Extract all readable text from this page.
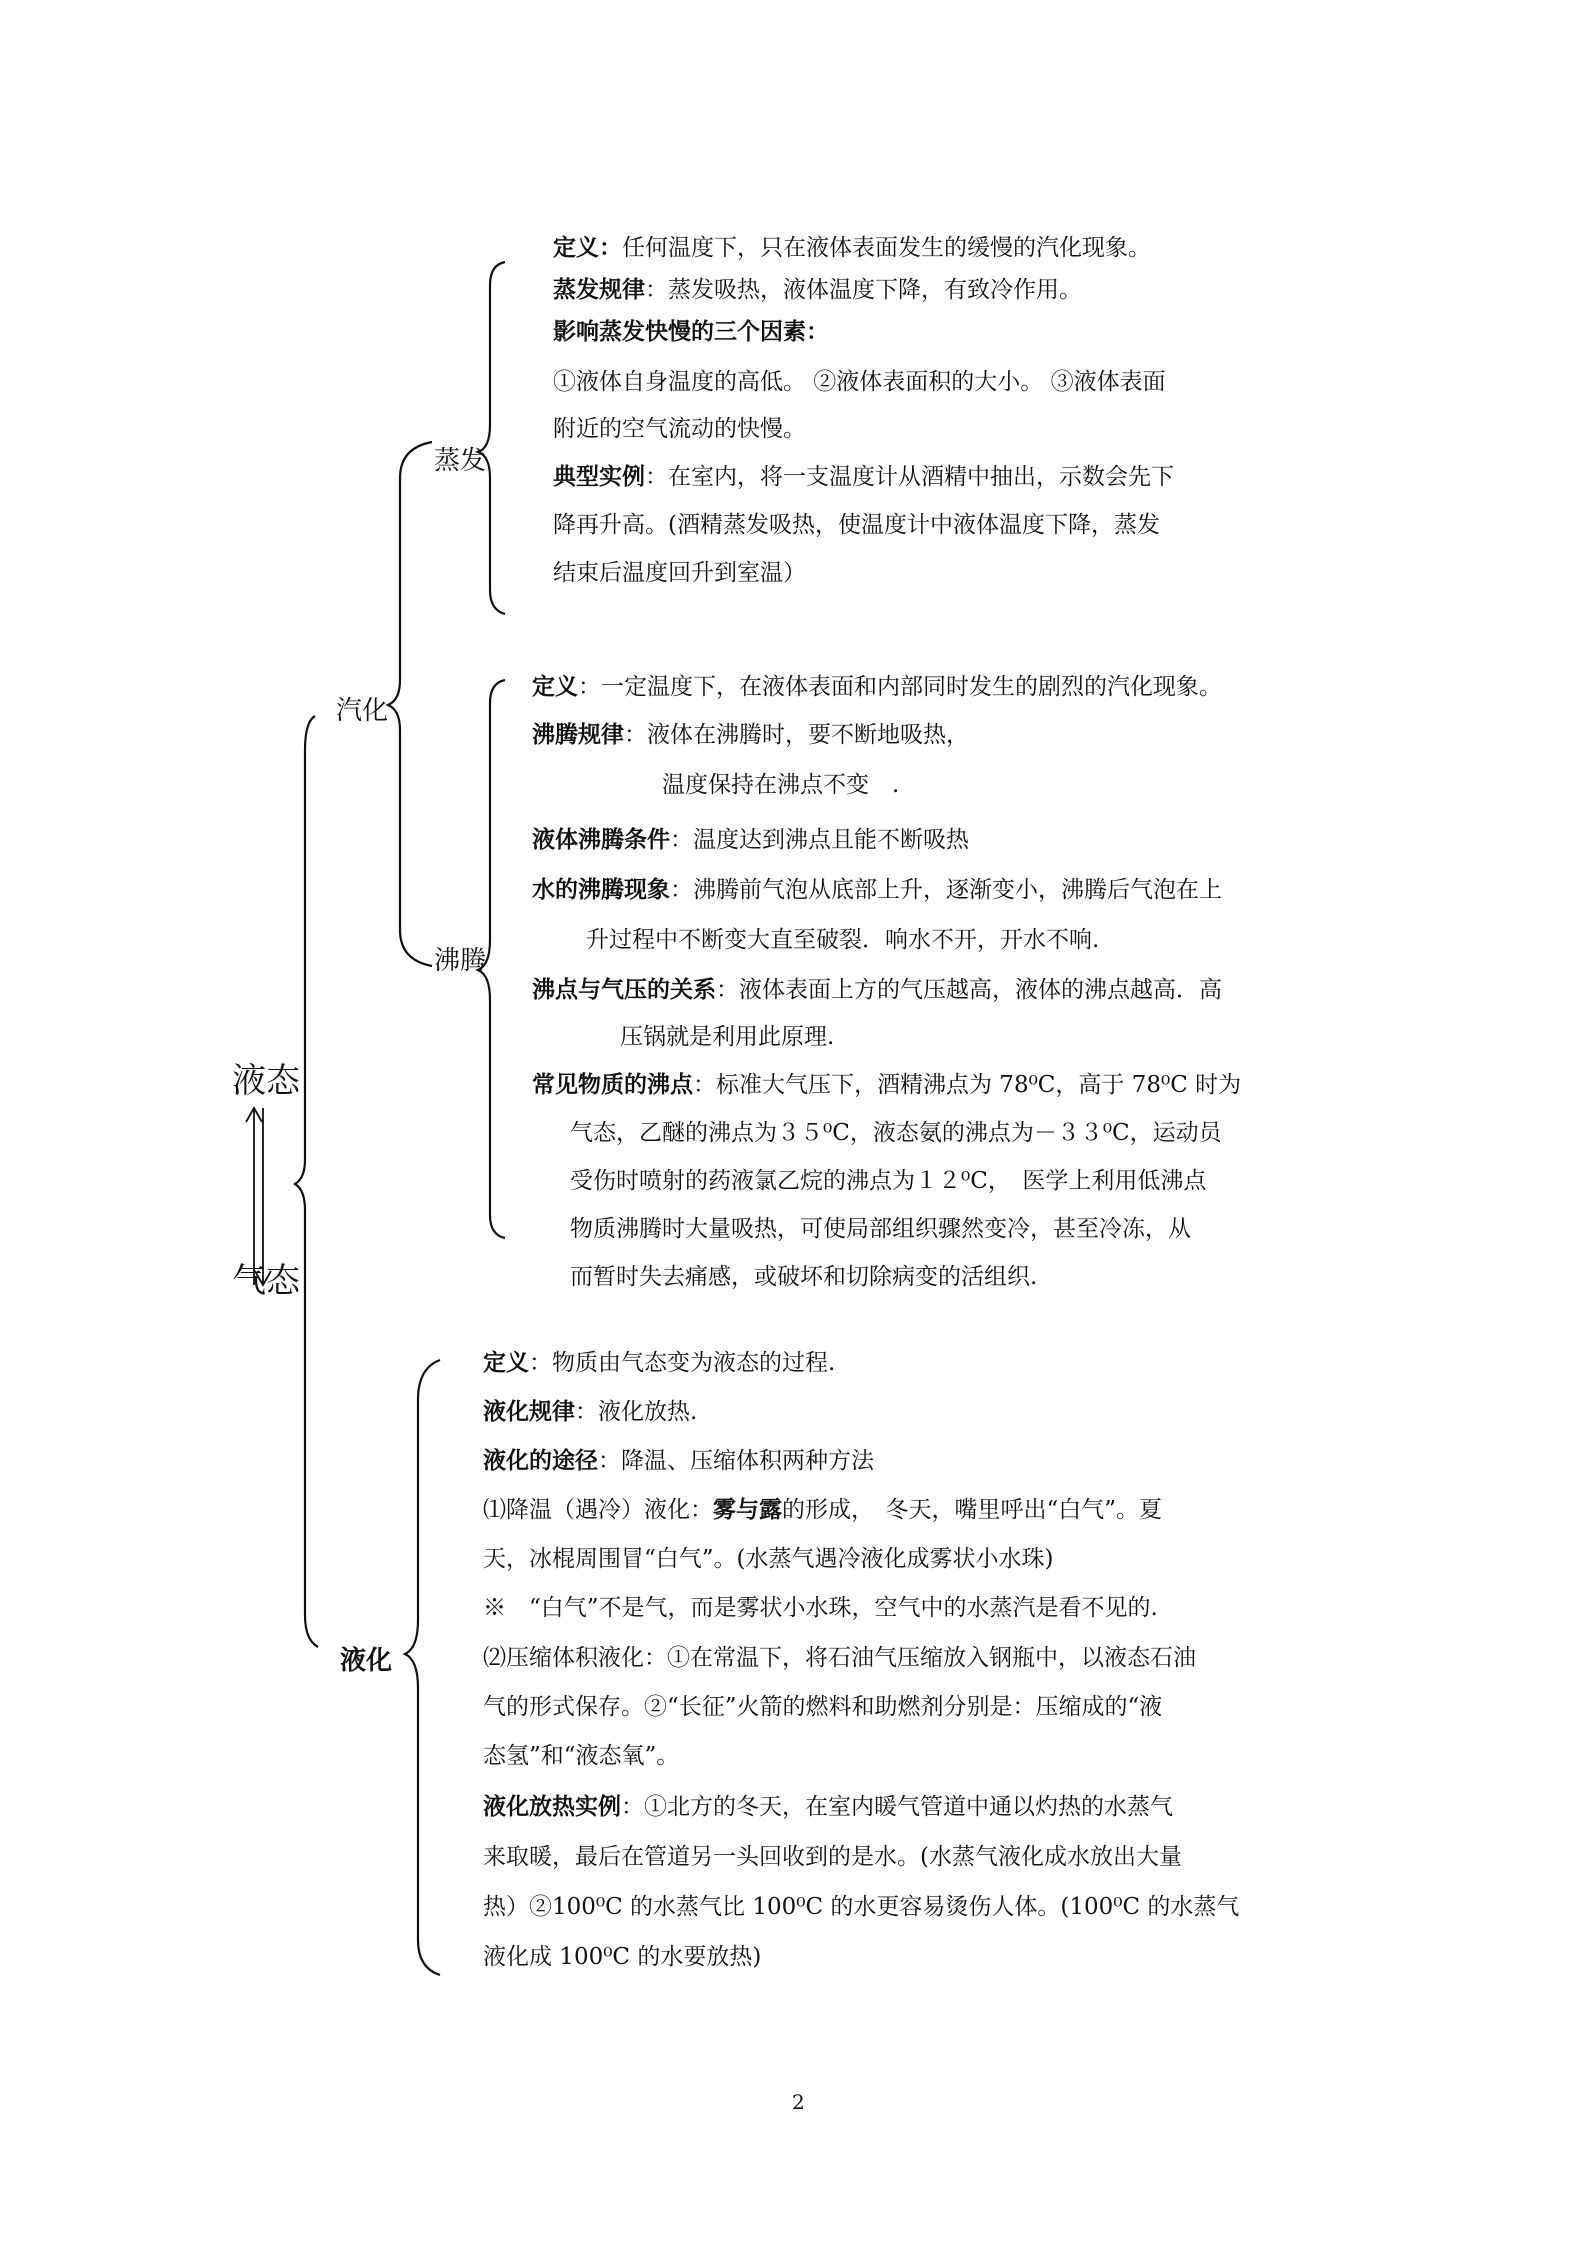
液态
气态
汽化
蒸发
沸腾
液化
定义：任何温度下，只在液体表面发生的缓慢的汽化现象。
蒸发规律：蒸发吸热，液体温度下降，有致冷作用。
影响蒸发快慢的三个因素：
①液体自身温度的高低。 ②液体表面积的大小。 ③液体表面
附近的空气流动的快慢。
典型实例：在室内，将一支温度计从酒精中抽出，示数会先下
降再升高。(酒精蒸发吸热，使温度计中液体温度下降，蒸发
结束后温度回升到室温）
定义：一定温度下，在液体表面和内部同时发生的剧烈的汽化现象。
沸腾规律：液体在沸腾时，要不断地吸热，
温度保持在沸点不变　.
液体沸腾条件：温度达到沸点且能不断吸热
水的沸腾现象：沸腾前气泡从底部上升，逐渐变小，沸腾后气泡在上
升过程中不断变大直至破裂．响水不开，开水不响.
沸点与气压的关系：液体表面上方的气压越高，液体的沸点越高．高
压锅就是利用此原理.
常见物质的沸点：标准大气压下，酒精沸点为 78⁰C，高于 78⁰C 时为
气态，乙醚的沸点为３５⁰C，液态氨的沸点为－３３⁰C，运动员
受伤时喷射的药液氯乙烷的沸点为１２⁰C，　医学上利用低沸点
物质沸腾时大量吸热，可使局部组织骤然变冷，甚至冷冻，从
而暂时失去痛感，或破坏和切除病变的活组织.
定义：物质由气态变为液态的过程.
液化规律：液化放热.
液化的途径：降温、压缩体积两种方法
⑴降温（遇冷）液化：雾与露的形成，　冬天，嘴里呼出“白气”。夏
天，冰棍周围冒“白气”。(水蒸气遇冷液化成雾状小水珠)
※　“白气”不是气，而是雾状小水珠，空气中的水蒸汽是看不见的.
⑵压缩体积液化：①在常温下，将石油气压缩放入钢瓶中，以液态石油
气的形式保存。②“长征”火箭的燃料和助燃剂分别是：压缩成的“液
态氢”和“液态氧”。
液化放热实例：①北方的冬天，在室内暖气管道中通以灼热的水蒸气
来取暖，最后在管道另一头回收到的是水。(水蒸气液化成水放出大量
热）②100⁰C 的水蒸气比 100⁰C 的水更容易烫伤人体。(100⁰C 的水蒸气
液化成 100⁰C 的水要放热)
2
